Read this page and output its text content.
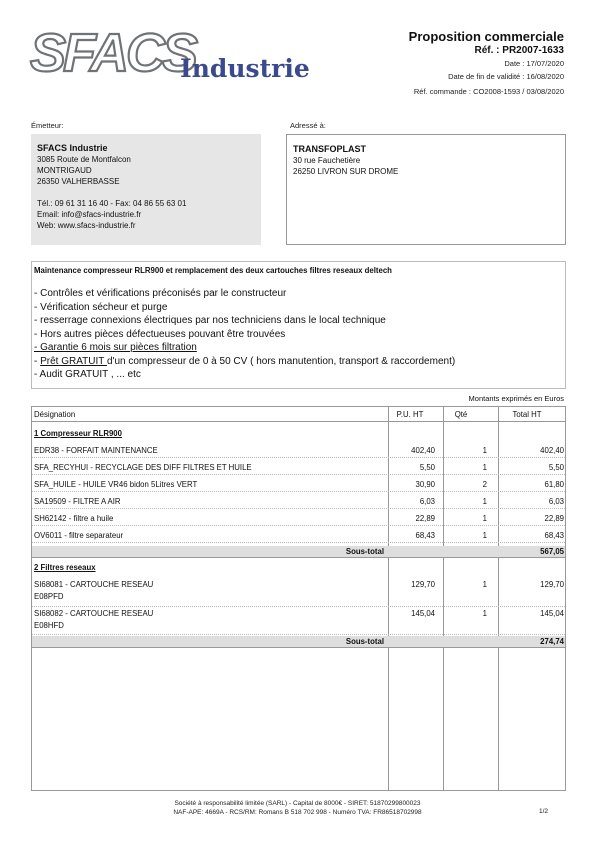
SFACS
Industrie
Proposition commerciale
Réf. : PR2007-1633
Date : 17/07/2020
Date de fin de validité : 16/08/2020
Réf. commande : CO2008-1593 / 03/08/2020
Émetteur:
SFACS Industrie
3085 Route de Montfalcon
MONTRIGAUD
26350 VALHERBASSE
Tél.: 09 61 31 16 40 - Fax: 04 86 55 63 01
Email: info@sfacs-industrie.fr
Web: www.sfacs-industrie.fr
Adressé à:
TRANSFOPLAST
30 rue Fauchetière
26250 LIVRON SUR DROME
Maintenance compresseur RLR900 et remplacement des deux cartouches filtres reseaux deltech
- Contrôles et vérifications préconisés par le constructeur
- Vérification sécheur et purge
- resserrage connexions électriques par nos techniciens dans le local technique
- Hors autres pièces défectueuses pouvant être trouvées
- Garantie 6 mois sur pièces filtration
- Prêt GRATUIT d'un compresseur de 0 à 50 CV ( hors manutention, transport & raccordement)
- Audit GRATUIT , ... etc
Montants exprimés en Euros
Désignation	P.U. HT	Qté	Total HT
1 Compresseur RLR900
EDR38 - FORFAIT MAINTENANCE	402,40	1	402,40
SFA_RECYHUI - RECYCLAGE DES DIFF FILTRES ET HUILE	5,50	1	5,50
SFA_HUILE - HUILE VR46 bidon 5Litres VERT	30,90	2	61,80
SA19509 - FILTRE A AIR	6,03	1	6,03
SH62142 - filtre a huile	22,89	1	22,89
OV6011 - filtre separateur	68,43	1	68,43
Sous-total	567,05
2 Filtres reseaux
SI68081 - CARTOUCHE RESEAU
E08PFD
129,70	1	129,70
SI68082 - CARTOUCHE RESEAU
E08HFD
145,04	1	145,04
Sous-total	274,74
Société à responsabilité limitée (SARL) - Capital de 8000€ - SIRET: 51870299800023
NAF-APE: 4669A - RCS/RM: Romans B 518 702 998 - Numéro TVA: FR86518702998	1/2
